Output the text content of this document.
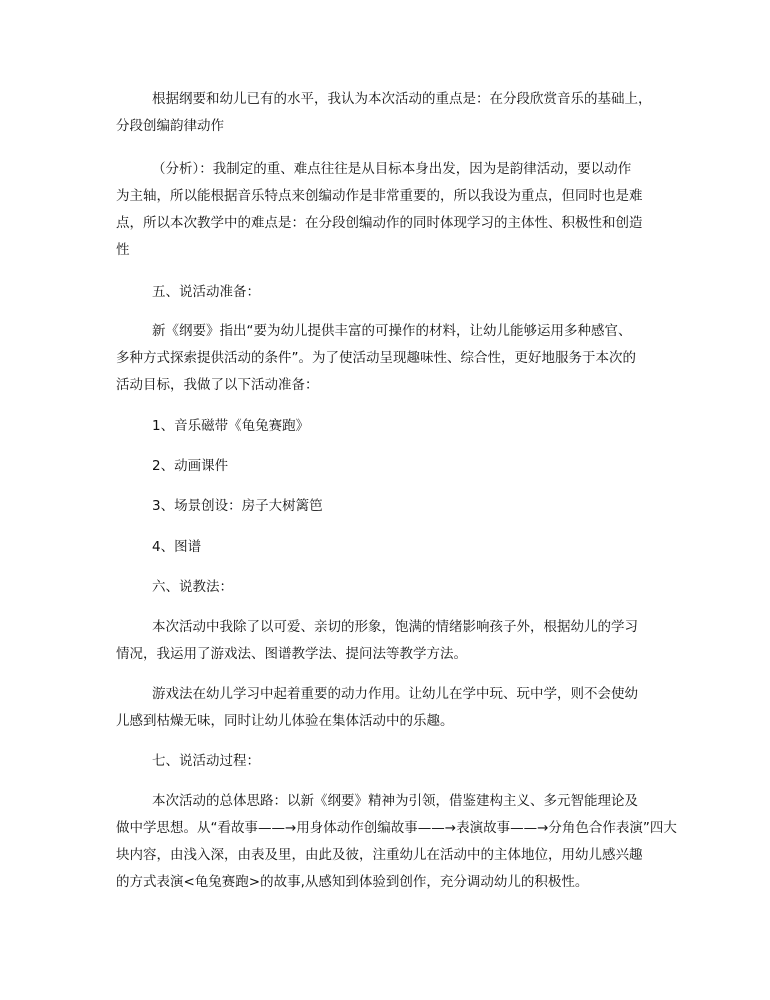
根据纲要和幼儿已有的水平，我认为本次活动的重点是：在分段欣赏音乐的基础上，
分段创编韵律动作

（分析）：我制定的重、难点往往是从目标本身出发，因为是韵律活动，要以动作
为主轴，所以能根据音乐特点来创编动作是非常重要的，所以我设为重点，但同时也是难
点，所以本次教学中的难点是：在分段创编动作的同时体现学习的主体性、积极性和创造
性

五、说活动准备：

新《纲要》指出“要为幼儿提供丰富的可操作的材料，让幼儿能够运用多种感官、
多种方式探索提供活动的条件”。为了使活动呈现趣味性、综合性，更好地服务于本次的
活动目标，我做了以下活动准备：

1、音乐磁带《龟兔赛跑》

2、动画课件

3、场景创设：房子大树篱笆

4、图谱

六、说教法：

本次活动中我除了以可爱、亲切的形象，饱满的情绪影响孩子外，根据幼儿的学习
情况，我运用了游戏法、图谱教学法、提问法等教学方法。

游戏法在幼儿学习中起着重要的动力作用。让幼儿在学中玩、玩中学，则不会使幼
儿感到枯燥无味，同时让幼儿体验在集体活动中的乐趣。

七、说活动过程：

本次活动的总体思路：以新《纲要》精神为引领，借鉴建构主义、多元智能理论及
做中学思想。从“看故事——→用身体动作创编故事——→表演故事——→分角色合作表演”四大
块内容，由浅入深，由表及里，由此及彼，注重幼儿在活动中的主体地位，用幼儿感兴趣
的方式表演<龟兔赛跑>的故事,从感知到体验到创作，充分调动幼儿的积极性。
